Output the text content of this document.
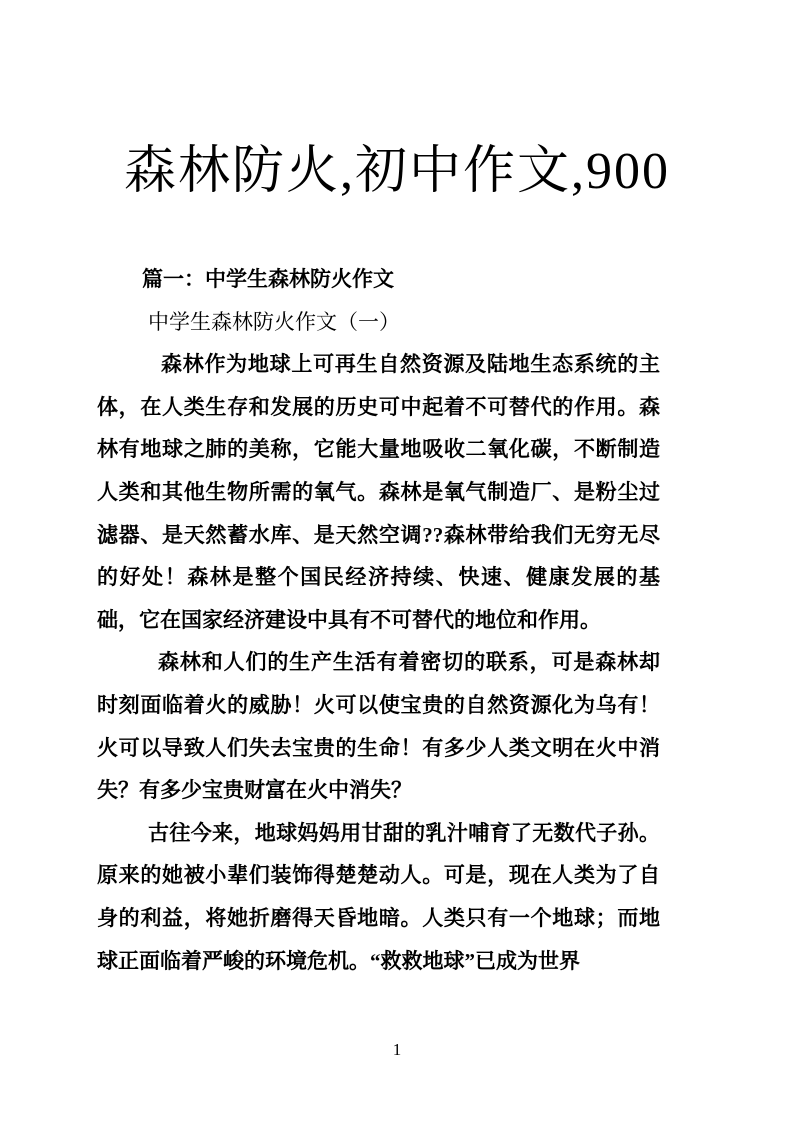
森林防火,初中作文,900

篇一：中学生森林防火作文

中学生森林防火作文（一）

森林作为地球上可再生自然资源及陆地生态系统的主体，在人类生存和发展的历史可中起着不可替代的作用。森林有地球之肺的美称，它能大量地吸收二氧化碳，不断制造人类和其他生物所需的氧气。森林是氧气制造厂、是粉尘过滤器、是天然蓄水库、是天然空调??森林带给我们无穷无尽的好处！森林是整个国民经济持续、快速、健康发展的基础，它在国家经济建设中具有不可替代的地位和作用。

森林和人们的生产生活有着密切的联系，可是森林却时刻面临着火的威胁！火可以使宝贵的自然资源化为乌有！火可以导致人们失去宝贵的生命！有多少人类文明在火中消失？有多少宝贵财富在火中消失？

古往今来，地球妈妈用甘甜的乳汁哺育了无数代子孙。原来的她被小辈们装饰得楚楚动人。可是，现在人类为了自身的利益，将她折磨得天昏地暗。人类只有一个地球；而地球正面临着严峻的环境危机。“救救地球”已成为世界

1
